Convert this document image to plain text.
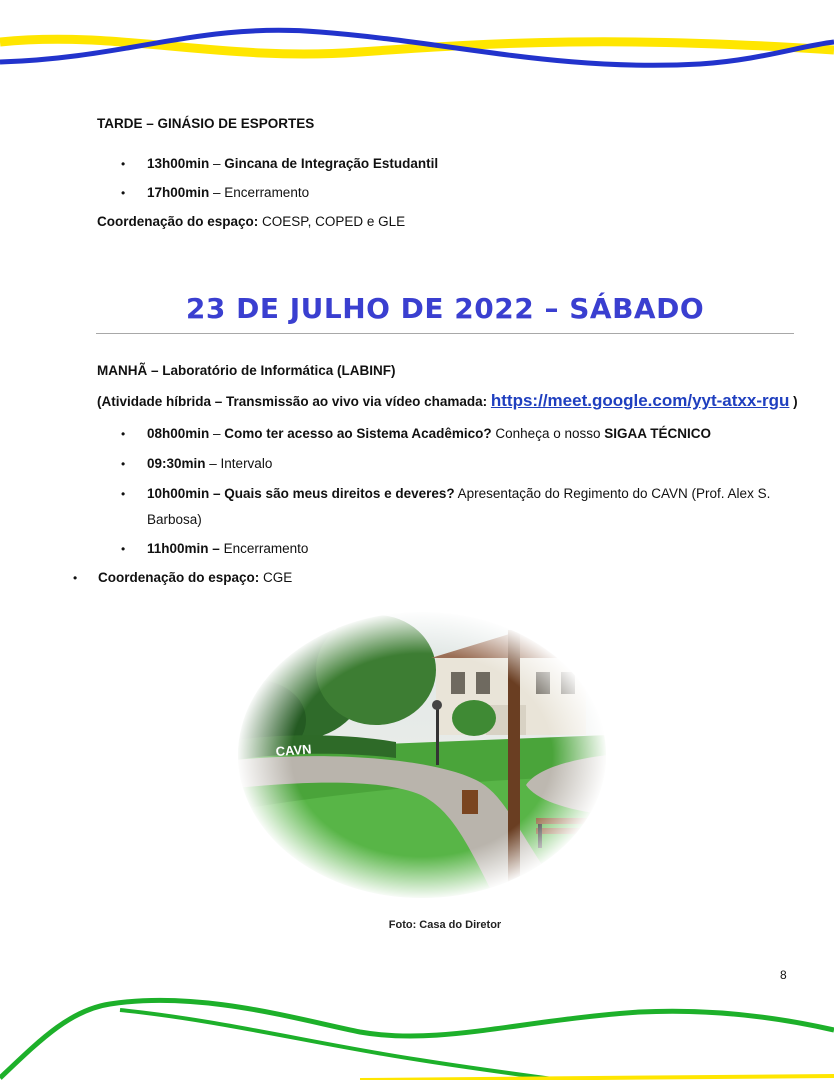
TARDE – GINÁSIO DE ESPORTES
• 13h00min – Gincana de Integração Estudantil
• 17h00min – Encerramento
Coordenação do espaço: COESP, COPED e GLE
23 DE JULHO DE 2022 – SÁBADO
MANHÃ – Laboratório de Informática (LABINF)
(Atividade híbrida – Transmissão ao vivo via vídeo chamada: https://meet.google.com/yyt-atxx-rgu )
• 08h00min – Como ter acesso ao Sistema Acadêmico? Conheça o nosso SIGAA TÉCNICO
• 09:30min – Intervalo
• 10h00min – Quais são meus direitos e deveres? Apresentação do Regimento do CAVN (Prof. Alex S.
Barbosa)
• 11h00min – Encerramento
• Coordenação do espaço: CGE
Foto: Casa do Diretor
8
